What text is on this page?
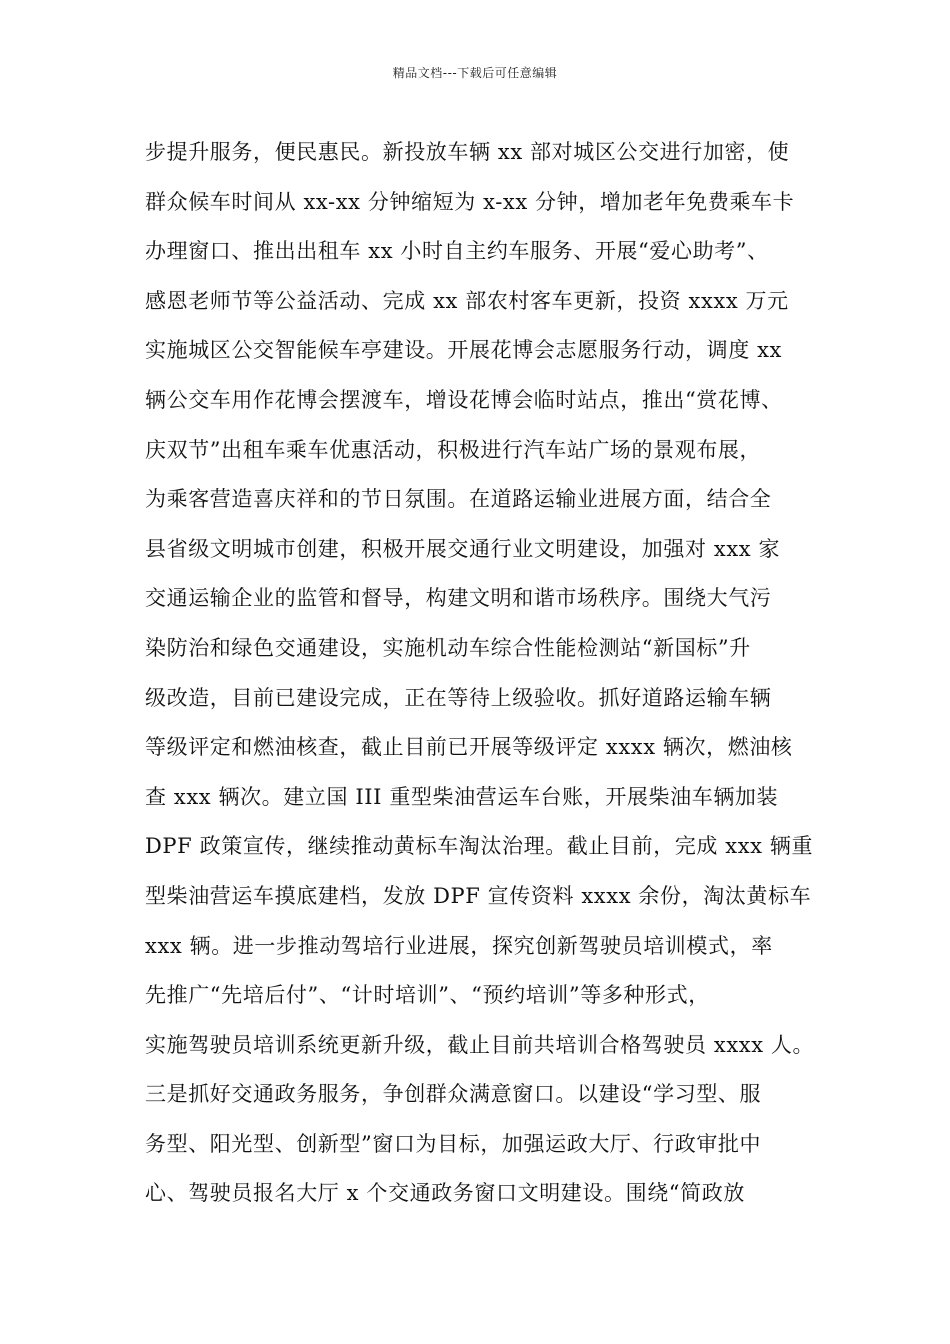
精品文档---下载后可任意编辑
步提升服务，便民惠民。新投放车辆 xx 部对城区公交进行加密，使
群众候车时间从 xx-xx 分钟缩短为 x-xx 分钟，增加老年免费乘车卡
办理窗口、推出出租车 xx 小时自主约车服务、开展“爱心助考”、
感恩老师节等公益活动、完成 xx 部农村客车更新，投资 xxxx 万元
实施城区公交智能候车亭建设。开展花博会志愿服务行动，调度 xx
辆公交车用作花博会摆渡车，增设花博会临时站点，推出“赏花博、
庆双节”出租车乘车优惠活动，积极进行汽车站广场的景观布展，
为乘客营造喜庆祥和的节日氛围。在道路运输业进展方面，结合全
县省级文明城市创建，积极开展交通行业文明建设，加强对 xxx 家
交通运输企业的监管和督导，构建文明和谐市场秩序。围绕大气污
染防治和绿色交通建设，实施机动车综合性能检测站“新国标”升
级改造，目前已建设完成，正在等待上级验收。抓好道路运输车辆
等级评定和燃油核查，截止目前已开展等级评定 xxxx 辆次，燃油核
查 xxx 辆次。建立国 III 重型柴油营运车台账，开展柴油车辆加装
DPF 政策宣传，继续推动黄标车淘汰治理。截止目前，完成 xxx 辆重
型柴油营运车摸底建档，发放 DPF 宣传资料 xxxx 余份，淘汰黄标车
xxx 辆。进一步推动驾培行业进展，探究创新驾驶员培训模式，率
先推广“先培后付”、“计时培训”、“预约培训”等多种形式，
实施驾驶员培训系统更新升级，截止目前共培训合格驾驶员 xxxx 人。
三是抓好交通政务服务，争创群众满意窗口。以建设“学习型、服
务型、阳光型、创新型”窗口为目标，加强运政大厅、行政审批中
心、驾驶员报名大厅 x 个交通政务窗口文明建设。围绕“简政放
